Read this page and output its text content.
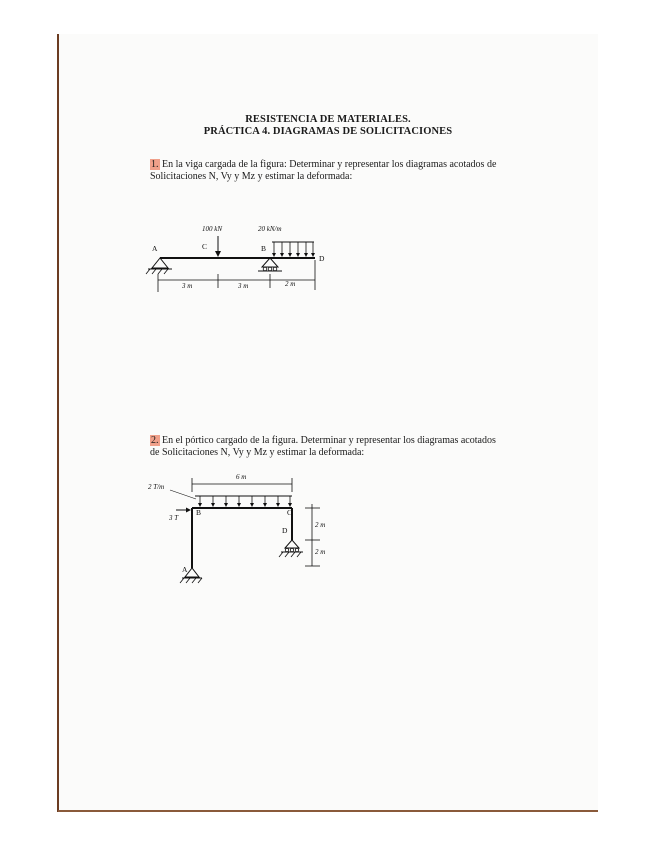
RESISTENCIA DE MATERIALES.
PRÁCTICA 4. DIAGRAMAS DE SOLICITACIONES
1. En la viga cargada de la figura: Determinar y representar los diagramas acotados de
Solicitaciones N, Vy y Mz y estimar la deformada:
100 kN	20 kN/m
A	C	B
D
3 m	3 m	2 m
2. En el pórtico cargado de la figura. Determinar y representar los diagramas acotados
de Solicitaciones N, Vy y Mz y estimar la deformada:
6 m
2 T/m
3 T
B	C
D
A
2 m
2 m
